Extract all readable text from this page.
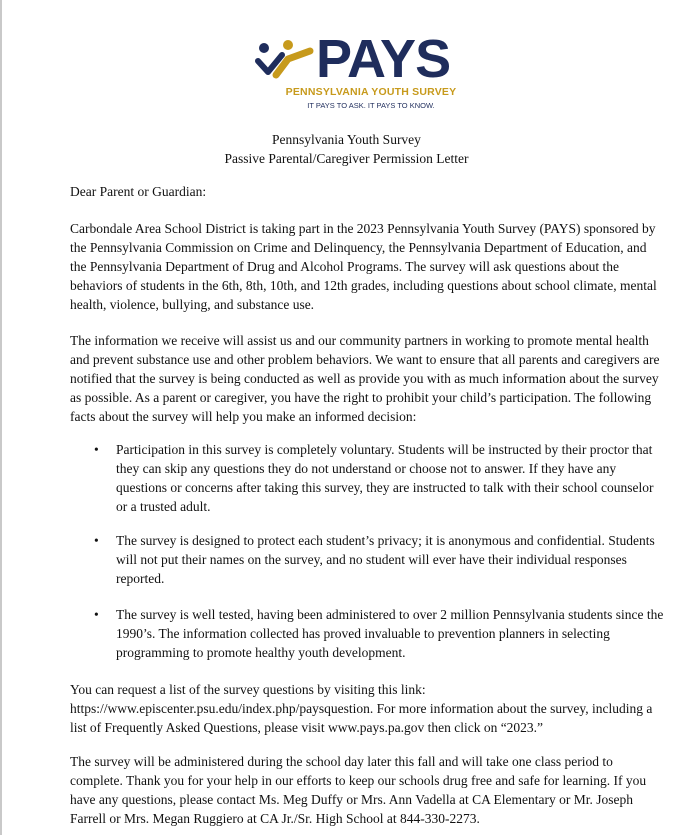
PAYS
PENNSYLVANIA YOUTH SURVEY
IT PAYS TO ASK. IT PAYS TO KNOW.
Pennsylvania Youth Survey
Passive Parental/Caregiver Permission Letter
Dear Parent or Guardian:
Carbondale Area School District is taking part in the 2023 Pennsylvania Youth Survey (PAYS) sponsored by the Pennsylvania Commission on Crime and Delinquency, the Pennsylvania Department of Education, and the Pennsylvania Department of Drug and Alcohol Programs. The survey will ask questions about the behaviors of students in the 6th, 8th, 10th, and 12th grades, including questions about school climate, mental health, violence, bullying, and substance use.
The information we receive will assist us and our community partners in working to promote mental health and prevent substance use and other problem behaviors. We want to ensure that all parents and caregivers are notified that the survey is being conducted as well as provide you with as much information about the survey as possible. As a parent or caregiver, you have the right to prohibit your child’s participation. The following facts about the survey will help you make an informed decision:
• Participation in this survey is completely voluntary. Students will be instructed by their proctor that they can skip any questions they do not understand or choose not to answer. If they have any questions or concerns after taking this survey, they are instructed to talk with their school counselor or a trusted adult.
• The survey is designed to protect each student’s privacy; it is anonymous and confidential. Students will not put their names on the survey, and no student will ever have their individual responses reported.
• The survey is well tested, having been administered to over 2 million Pennsylvania students since the 1990’s. The information collected has proved invaluable to prevention planners in selecting programming to promote healthy youth development.
You can request a list of the survey questions by visiting this link:
https://www.episcenter.psu.edu/index.php/paysquestion. For more information about the survey, including a list of Frequently Asked Questions, please visit www.pays.pa.gov then click on “2023.”
The survey will be administered during the school day later this fall and will take one class period to complete. Thank you for your help in our efforts to keep our schools drug free and safe for learning. If you have any questions, please contact Ms. Meg Duffy or Mrs. Ann Vadella at CA Elementary or Mr. Joseph Farrell or Mrs. Megan Ruggiero at CA Jr./Sr. High School at 844-330-2273.
